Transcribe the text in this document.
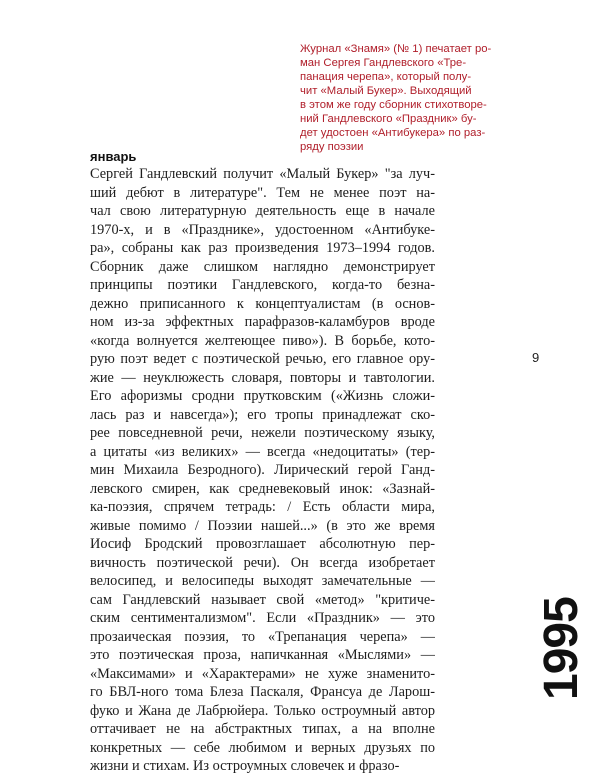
Журнал «Знамя» (№ 1) печатает ро-
ман Сергея Гандлевского «Тре-
панация черепа», который полу-
чит «Малый Букер». Выходящий
в этом же году сборник стихотворе-
ний Гандлевского «Праздник» бу-
дет удостоен «Антибукера» по раз-
ряду поэзии
январь
Сергей Гандлевский получит «Малый Букер» "за луч-
ший дебют в литературе". Тем не менее поэт на-
чал свою литературную деятельность еще в начале
1970-х, и в «Празднике», удостоенном «Антибуке-
ра», собраны как раз произведения 1973–1994 годов.
Сборник даже слишком наглядно демонстрирует
принципы поэтики Гандлевского, когда-то безна-
дежно приписанного к концептуалистам (в основ-
ном из-за эффектных парафразов-каламбуров вроде
«когда волнуется желтеющее пиво»). В борьбе, кото-
рую поэт ведет с поэтической речью, его главное ору-
жие — неуклюжесть словаря, повторы и тавтологии.
Его афоризмы сродни прутковским («Жизнь сложи-
лась раз и навсегда»); его тропы принадлежат ско-
рее повседневной речи, нежели поэтическому языку,
а цитаты «из великих» — всегда «недоцитаты» (тер-
мин Михаила Безродного). Лирический герой Ганд-
левского смирен, как средневековый инок: «Зазнай-
ка-поэзия, спрячем тетрадь: / Есть области мира,
живые помимо / Поэзии нашей...» (в это же время
Иосиф Бродский провозглашает абсолютную пер-
вичность поэтической речи). Он всегда изобретает
велосипед, и велосипеды выходят замечательные —
сам Гандлевский называет свой «метод» "критиче-
ским сентиментализмом". Если «Праздник» — это
прозаическая поэзия, то «Трепанация черепа» —
это поэтическая проза, напичканная «Мыслями» —
«Максимами» и «Характерами» не хуже знаменито-
го БВЛ-ного тома Блеза Паскаля, Франсуа де Ларош-
фуко и Жана де Лабрюйера. Только остроумный автор
оттачивает не на абстрактных типах, а на вполне
конкретных — себе любимом и верных друзьях по
жизни и стихам. Из остроумных словечек и фразо-
9
1995
